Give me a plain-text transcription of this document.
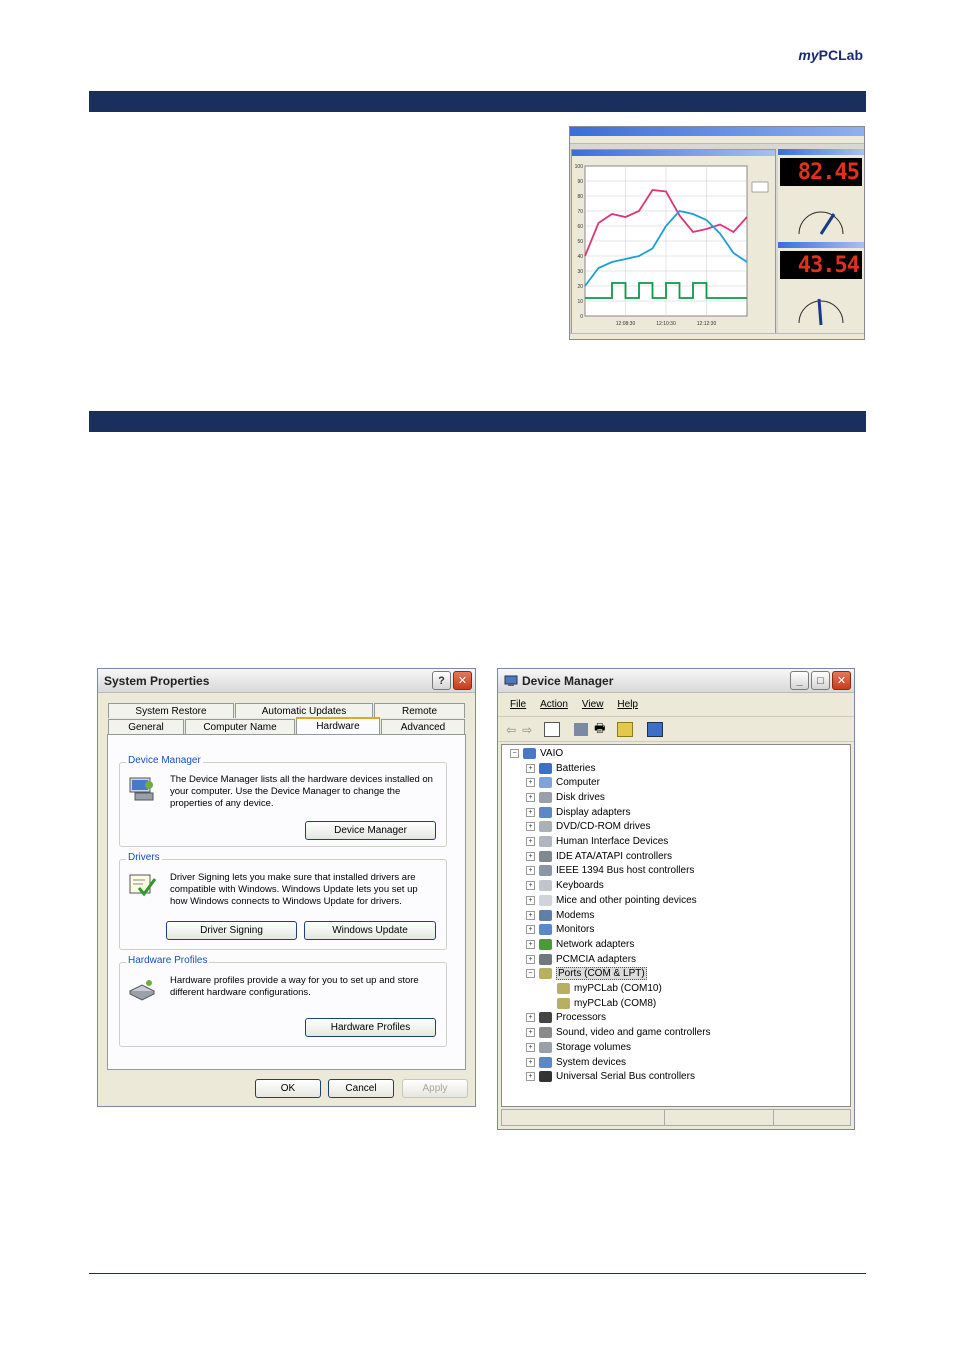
myPCLab
100
90
80
70
60
50
40
30
20
10
0
12:08:30	12:10:30	12:12:30
82.45
43.54
System Properties	?	✕
System Restore	Automatic Updates	Remote
General	Computer Name	Hardware	Advanced
Device Manager
The Device Manager lists all the hardware devices installed on your computer. Use the Device Manager to change the properties of any device.
Device Manager
Drivers
Driver Signing lets you make sure that installed drivers are compatible with Windows. Windows Update lets you set up how Windows connects to Windows Update for drivers.
Driver Signing	Windows Update
Hardware Profiles
Hardware profiles provide a way for you to set up and store different hardware configurations.
Hardware Profiles
OK	Cancel	Apply
Device Manager	_	□	✕
File Action View Help
⇦ ⇨	🖶
− VAIO
+ Batteries
+ Computer
+ Disk drives
+ Display adapters
+ DVD/CD-ROM drives
+ Human Interface Devices
+ IDE ATA/ATAPI controllers
+ IEEE 1394 Bus host controllers
+ Keyboards
+ Mice and other pointing devices
+ Modems
+ Monitors
+ Network adapters
+ PCMCIA adapters
−	Ports (COM & LPT)
myPCLab (COM10)
myPCLab (COM8)
+ Processors
+ Sound, video and game controllers
+ Storage volumes
+ System devices
+ Universal Serial Bus controllers
